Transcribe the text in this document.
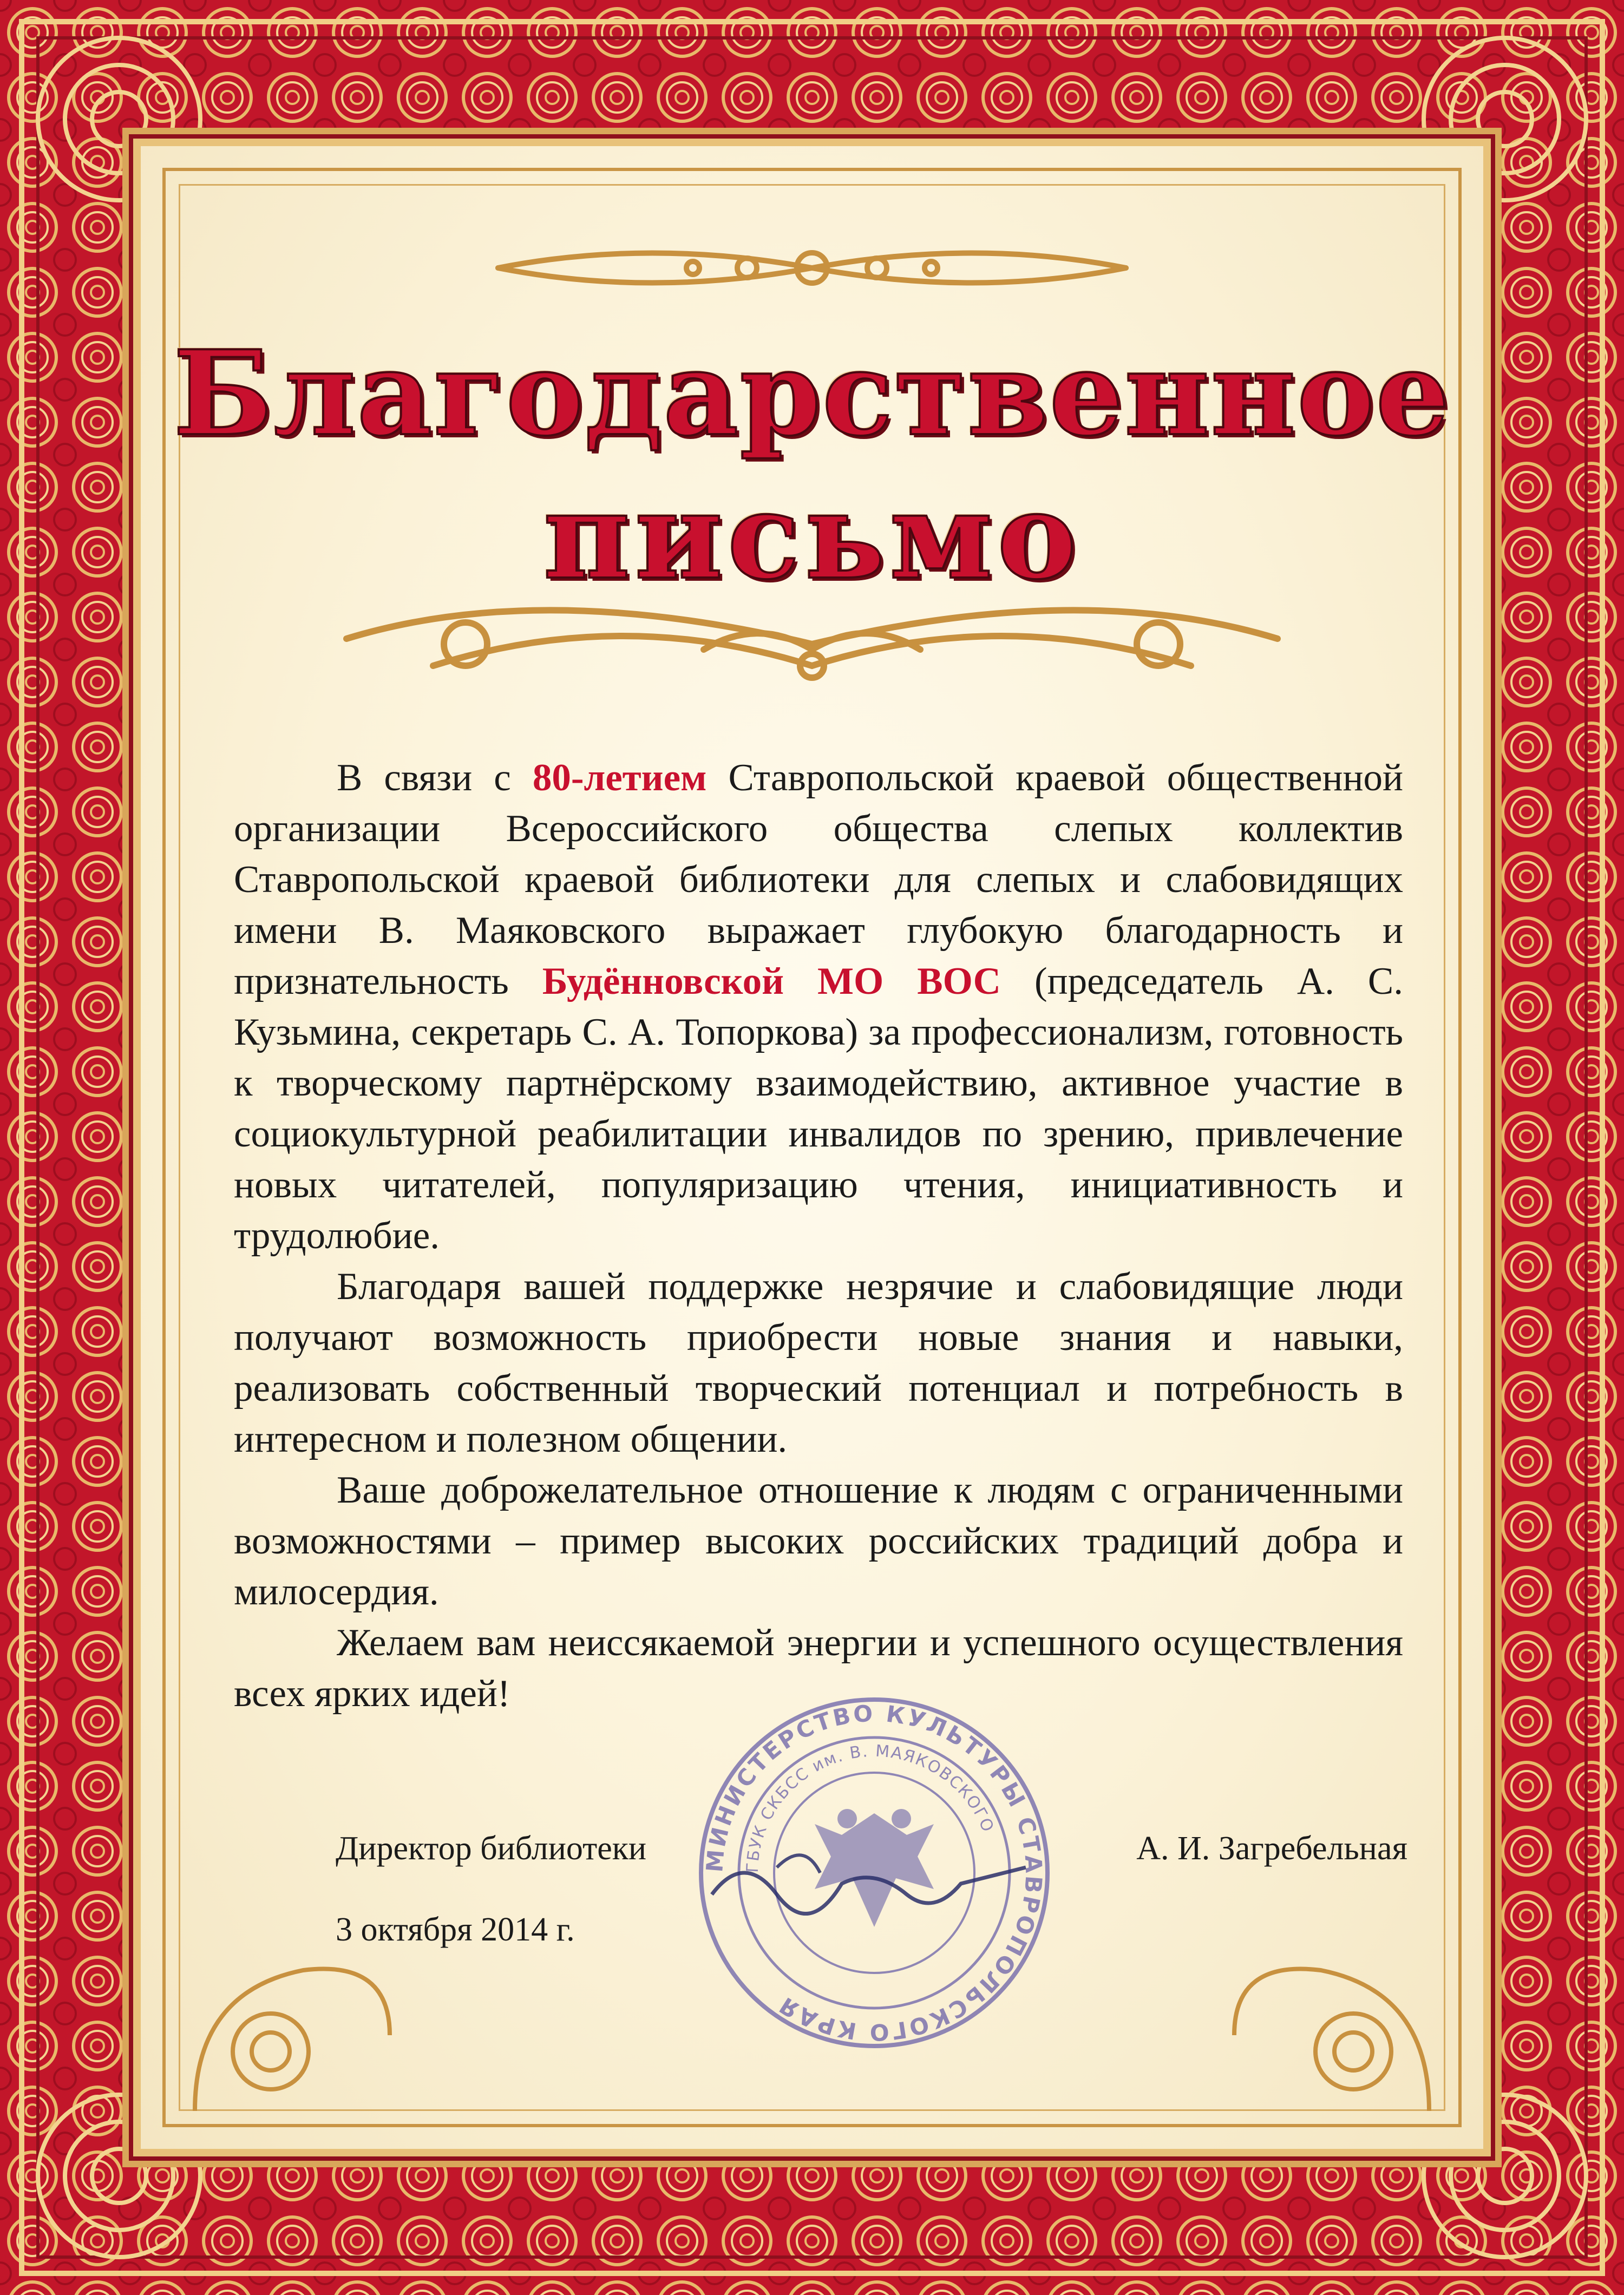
Благодарственное
письмо

В связи с 80-летием Ставропольской краевой общественной организации Всероссийского общества слепых коллектив Ставропольской краевой библиотеки для слепых и слабовидящих имени В. Маяковского выражает глубокую благодарность и признательность Будённовской МО ВОС (председатель А. С. Кузьмина, секретарь С. А. Топоркова) за профессионализм, готовность к творческому партнёрскому взаимодействию, активное участие в социокультурной реабилитации инвалидов по зрению, привлечение новых читателей, популяризацию чтения, инициативность и трудолюбие.

Благодаря вашей поддержке незрячие и слабовидящие люди получают возможность приобрести новые знания и навыки, реализовать собственный творческий потенциал и потребность в интересном и полезном общении.

Ваше доброжелательное отношение к людям с ограниченными возможностями – пример высоких российских традиций добра и милосердия.

Желаем вам неиссякаемой энергии и успешного осуществления всех ярких идей!

МИНИСТЕРСТВО КУЛЬТУРЫ СТАВРОПОЛЬСКОГО КРАЯ
ГБУК СКБСС им. В. МАЯКОВСКОГО
Директор библиотеки	А. И. Загребельная
3 октября 2014 г.
